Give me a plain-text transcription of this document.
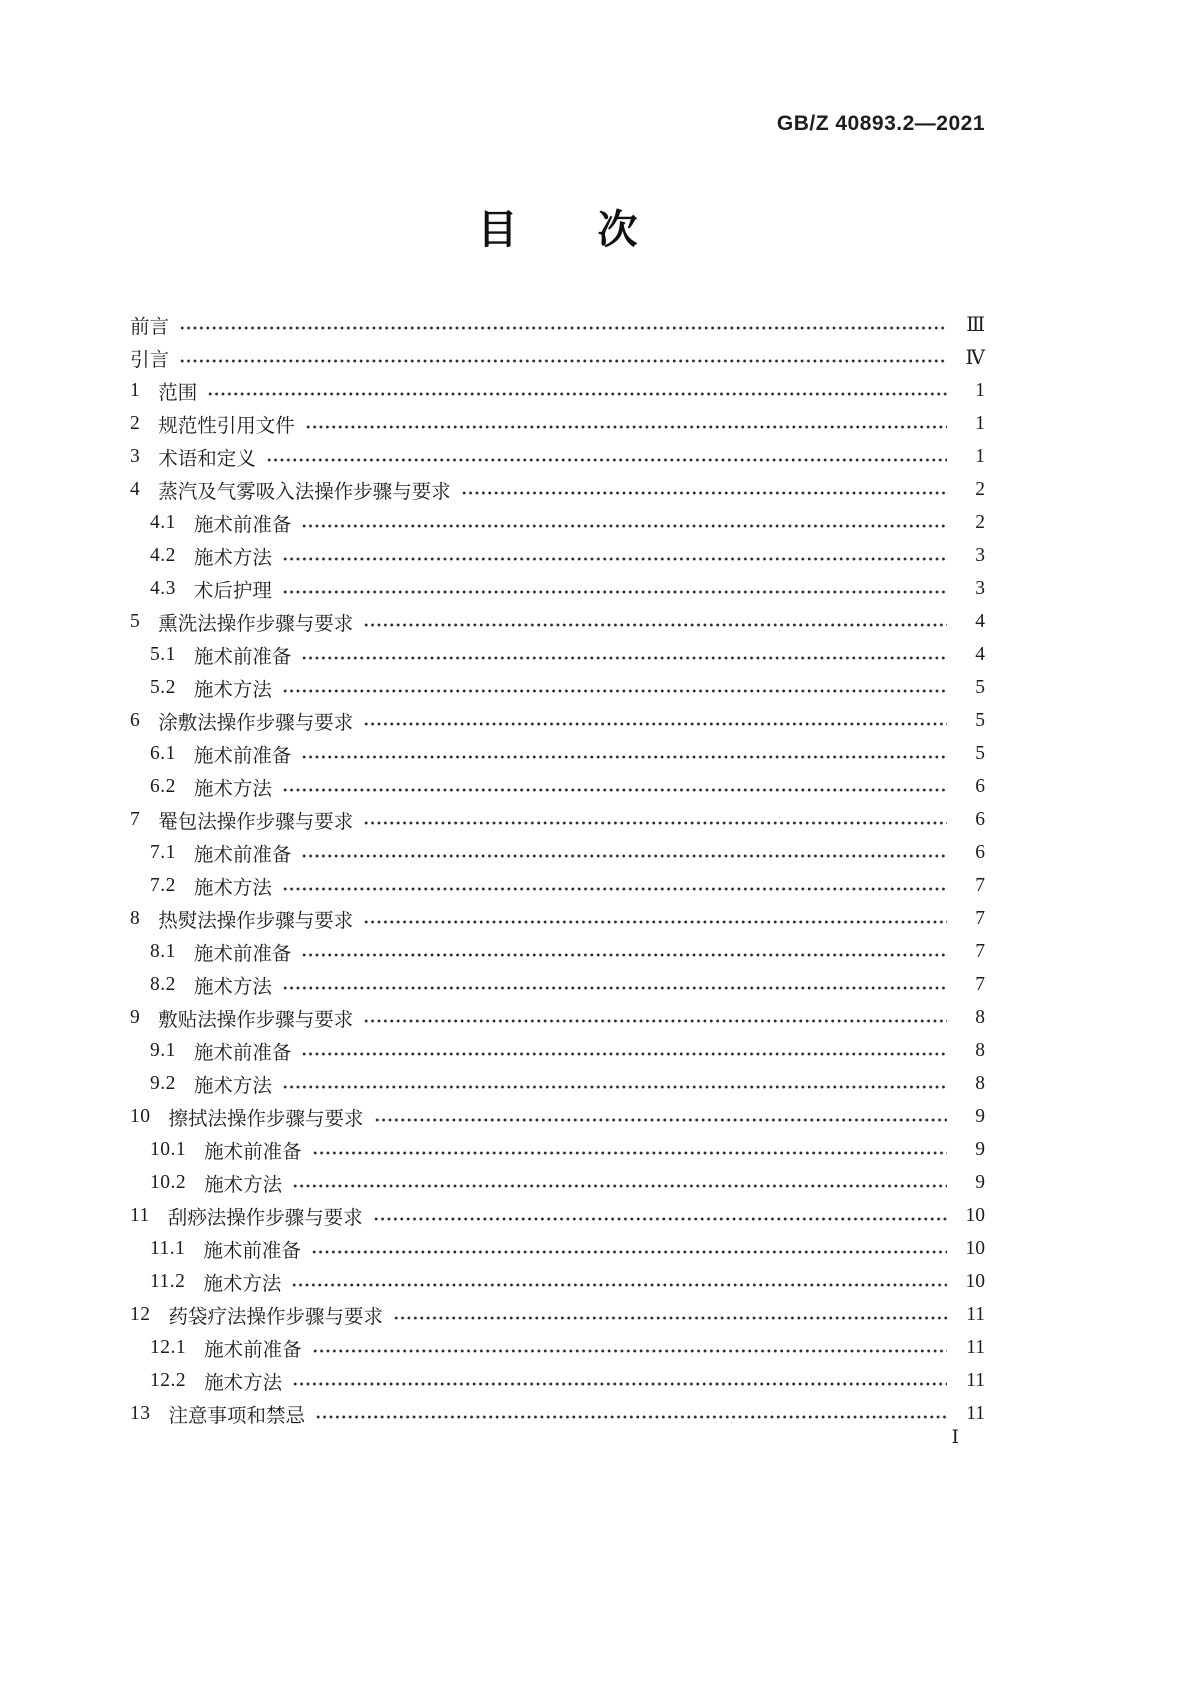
GB/Z 40893.2—2021
目　　次
前言	Ⅲ
引言	Ⅳ
1 范围	1
2 规范性引用文件	1
3 术语和定义	1
4 蒸汽及气雾吸入法操作步骤与要求	2
4.1 施术前准备	2
4.2 施术方法	3
4.3 术后护理	3
5 熏洗法操作步骤与要求	4
5.1 施术前准备	4
5.2 施术方法	5
6 涂敷法操作步骤与要求	5
6.1 施术前准备	5
6.2 施术方法	6
7 罨包法操作步骤与要求	6
7.1 施术前准备	6
7.2 施术方法	7
8 热熨法操作步骤与要求	7
8.1 施术前准备	7
8.2 施术方法	7
9 敷贴法操作步骤与要求	8
9.1 施术前准备	8
9.2 施术方法	8
10 擦拭法操作步骤与要求	9
10.1 施术前准备	9
10.2 施术方法	9
11 刮痧法操作步骤与要求	10
11.1 施术前准备	10
11.2 施术方法	10
12 药袋疗法操作步骤与要求	11
12.1 施术前准备	11
12.2 施术方法	11
13 注意事项和禁忌	11
Ⅰ
